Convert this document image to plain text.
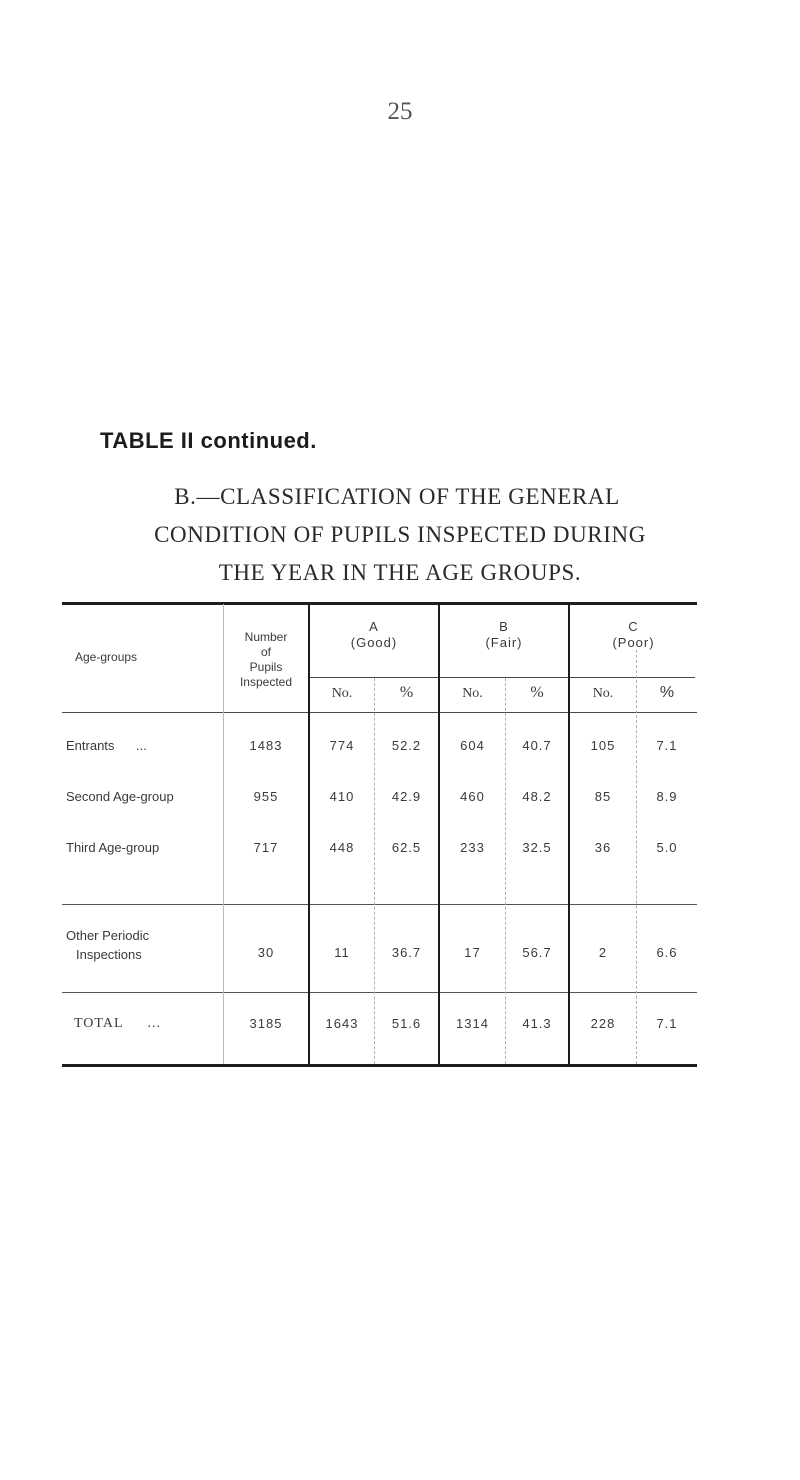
25
TABLE II continued.
B.—CLASSIFICATION OF THE GENERAL
CONDITION OF PUPILS INSPECTED DURING
THE YEAR IN THE AGE GROUPS.
Age-groups
Number
of
Pupils
Inspected
A
(Good)
B
(Fair)
C
(Poor)
No.	%	No.	%	No.	%
Entrants ...	1483	774	52.2	604	40.7	105	7.1
Second Age-group	955	410	42.9	460	48.2	85	8.9
Third Age-group	717	448	62.5	233	32.5	36	5.0
Other Periodic
Inspections	30	11	36.7	17	56.7	2	6.6
TOTAL ...	3185	1643	51.6	1314	41.3	228	7.1
